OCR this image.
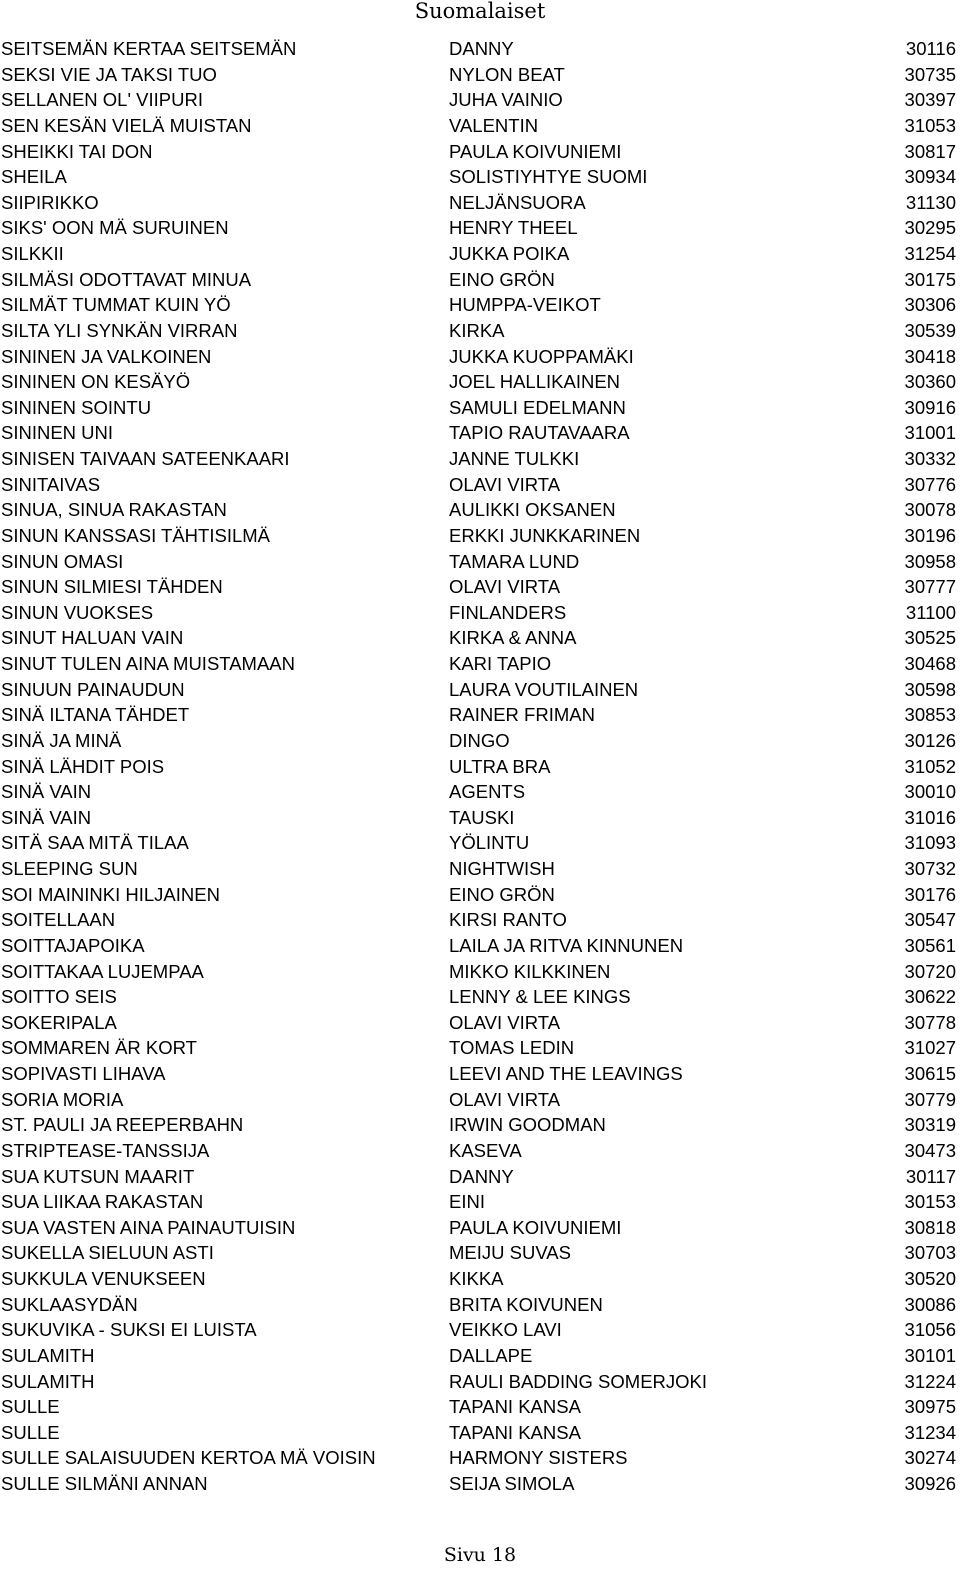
Suomalaiset
SEITSEMÄN KERTAA SEITSEMÄN	DANNY	30116
SEKSI VIE JA TAKSI TUO	NYLON BEAT	30735
SELLANEN OL' VIIPURI	JUHA VAINIO	30397
SEN KESÄN VIELÄ MUISTAN	VALENTIN	31053
SHEIKKI TAI DON	PAULA KOIVUNIEMI	30817
SHEILA	SOLISTIYHTYE SUOMI	30934
SIIPIRIKKO	NELJÄNSUORA	31130
SIKS' OON MÄ SURUINEN	HENRY THEEL	30295
SILKKII	JUKKA POIKA	31254
SILMÄSI ODOTTAVAT MINUA	EINO GRÖN	30175
SILMÄT TUMMAT KUIN YÖ	HUMPPA-VEIKOT	30306
SILTA YLI SYNKÄN VIRRAN	KIRKA	30539
SININEN JA VALKOINEN	JUKKA KUOPPAMÄKI	30418
SININEN ON KESÄYÖ	JOEL HALLIKAINEN	30360
SININEN SOINTU	SAMULI EDELMANN	30916
SININEN UNI	TAPIO RAUTAVAARA	31001
SINISEN TAIVAAN SATEENKAARI	JANNE TULKKI	30332
SINITAIVAS	OLAVI VIRTA	30776
SINUA, SINUA RAKASTAN	AULIKKI OKSANEN	30078
SINUN KANSSASI TÄHTISILMÄ	ERKKI JUNKKARINEN	30196
SINUN OMASI	TAMARA LUND	30958
SINUN SILMIESI TÄHDEN	OLAVI VIRTA	30777
SINUN VUOKSES	FINLANDERS	31100
SINUT HALUAN VAIN	KIRKA & ANNA	30525
SINUT TULEN AINA MUISTAMAAN	KARI TAPIO	30468
SINUUN PAINAUDUN	LAURA VOUTILAINEN	30598
SINÄ ILTANA TÄHDET	RAINER FRIMAN	30853
SINÄ JA MINÄ	DINGO	30126
SINÄ LÄHDIT POIS	ULTRA BRA	31052
SINÄ VAIN	AGENTS	30010
SINÄ VAIN	TAUSKI	31016
SITÄ SAA MITÄ TILAA	YÖLINTU	31093
SLEEPING SUN	NIGHTWISH	30732
SOI MAININKI HILJAINEN	EINO GRÖN	30176
SOITELLAAN	KIRSI RANTO	30547
SOITTAJAPOIKA	LAILA JA RITVA KINNUNEN	30561
SOITTAKAA LUJEMPAA	MIKKO KILKKINEN	30720
SOITTO SEIS	LENNY & LEE KINGS	30622
SOKERIPALA	OLAVI VIRTA	30778
SOMMAREN ÄR KORT	TOMAS LEDIN	31027
SOPIVASTI LIHAVA	LEEVI AND THE LEAVINGS	30615
SORIA MORIA	OLAVI VIRTA	30779
ST. PAULI JA REEPERBAHN	IRWIN GOODMAN	30319
STRIPTEASE-TANSSIJA	KASEVA	30473
SUA KUTSUN MAARIT	DANNY	30117
SUA LIIKAA RAKASTAN	EINI	30153
SUA VASTEN AINA PAINAUTUISIN	PAULA KOIVUNIEMI	30818
SUKELLA SIELUUN ASTI	MEIJU SUVAS	30703
SUKKULA VENUKSEEN	KIKKA	30520
SUKLAASYDÄN	BRITA KOIVUNEN	30086
SUKUVIKA - SUKSI EI LUISTA	VEIKKO LAVI	31056
SULAMITH	DALLAPE	30101
SULAMITH	RAULI BADDING SOMERJOKI	31224
SULLE	TAPANI KANSA	30975
SULLE	TAPANI KANSA	31234
SULLE SALAISUUDEN KERTOA MÄ VOISIN	HARMONY SISTERS	30274
SULLE SILMÄNI ANNAN	SEIJA SIMOLA	30926
Sivu 18
